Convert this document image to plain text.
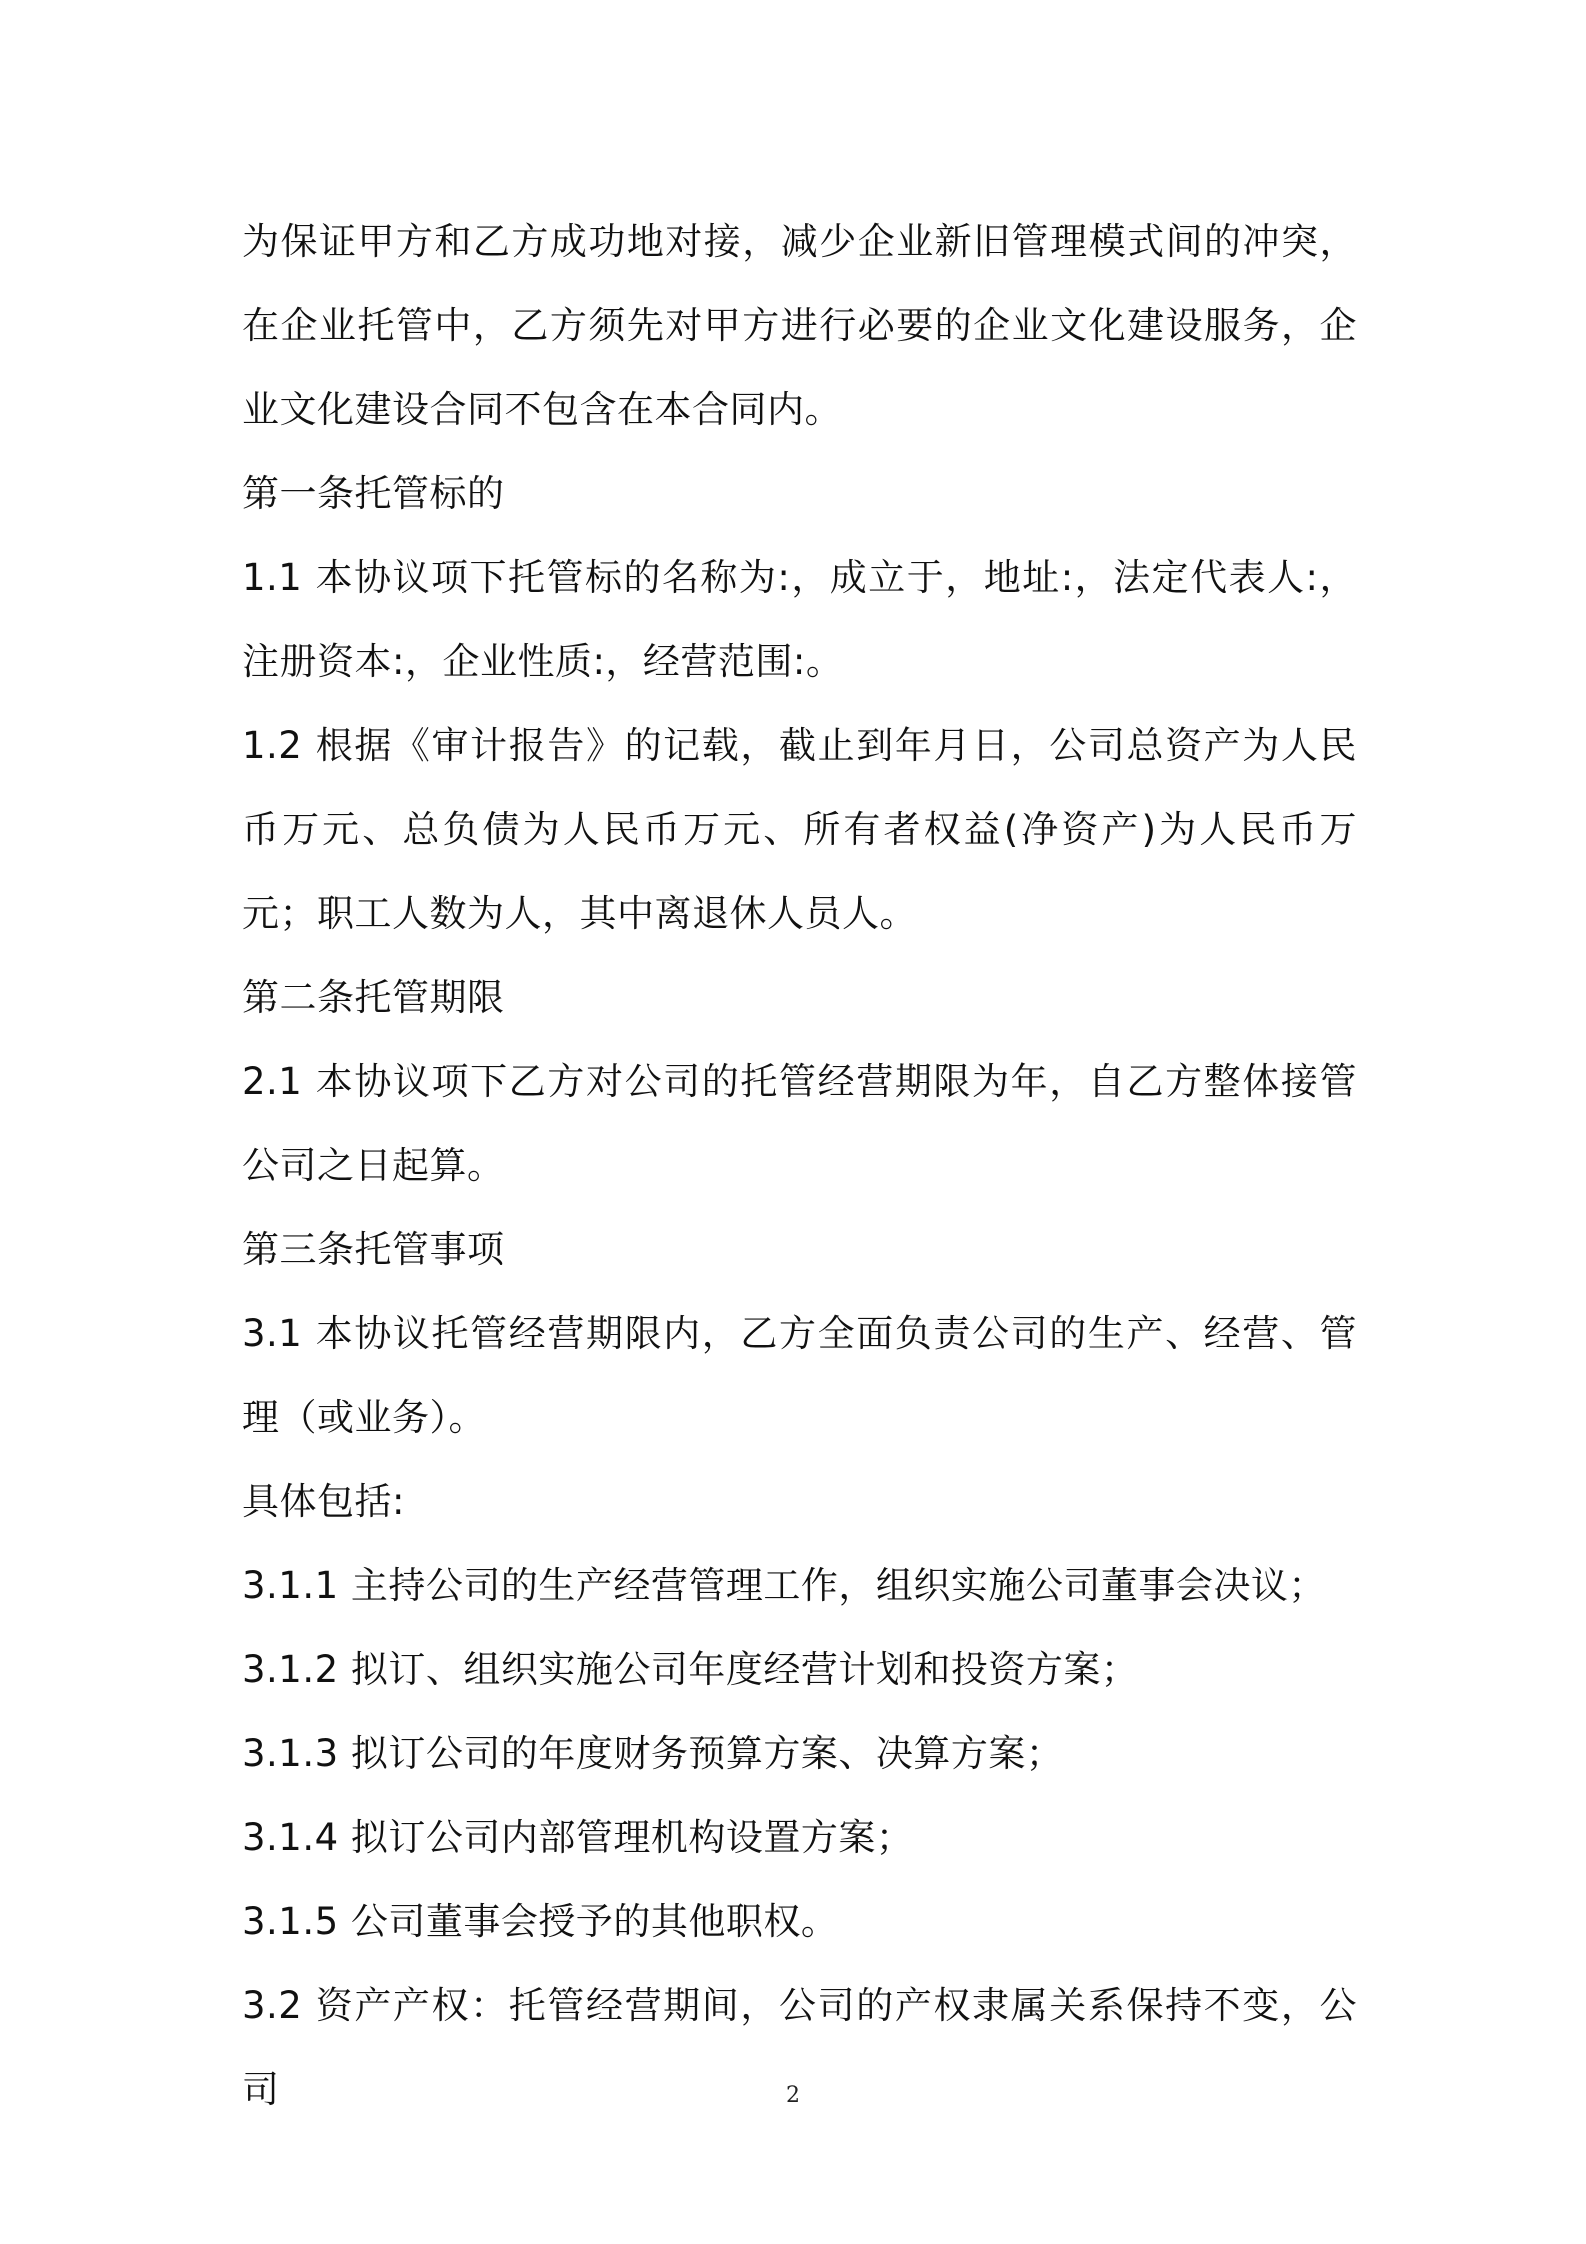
为保证甲方和乙方成功地对接，减少企业新旧管理模式间的冲突，在企业托管中，乙方须先对甲方进行必要的企业文化建设服务，企业文化建设合同不包含在本合同内。

第一条托管标的

1.1 本协议项下托管标的名称为:，成立于，地址:，法定代表人:，注册资本:，企业性质:，经营范围:。

1.2 根据《审计报告》的记载，截止到年月日，公司总资产为人民币万元、总负债为人民币万元、所有者权益(净资产)为人民币万元；职工人数为人，其中离退休人员人。

第二条托管期限

2.1 本协议项下乙方对公司的托管经营期限为年，自乙方整体接管公司之日起算。

第三条托管事项

3.1 本协议托管经营期限内，乙方全面负责公司的生产、经营、管理（或业务）。

具体包括:

3.1.1 主持公司的生产经营管理工作，组织实施公司董事会决议；

3.1.2 拟订、组织实施公司年度经营计划和投资方案；

3.1.3 拟订公司的年度财务预算方案、决算方案；

3.1.4 拟订公司内部管理机构设置方案；

3.1.5 公司董事会授予的其他职权。

3.2 资产产权：托管经营期间，公司的产权隶属关系保持不变，公司	2
